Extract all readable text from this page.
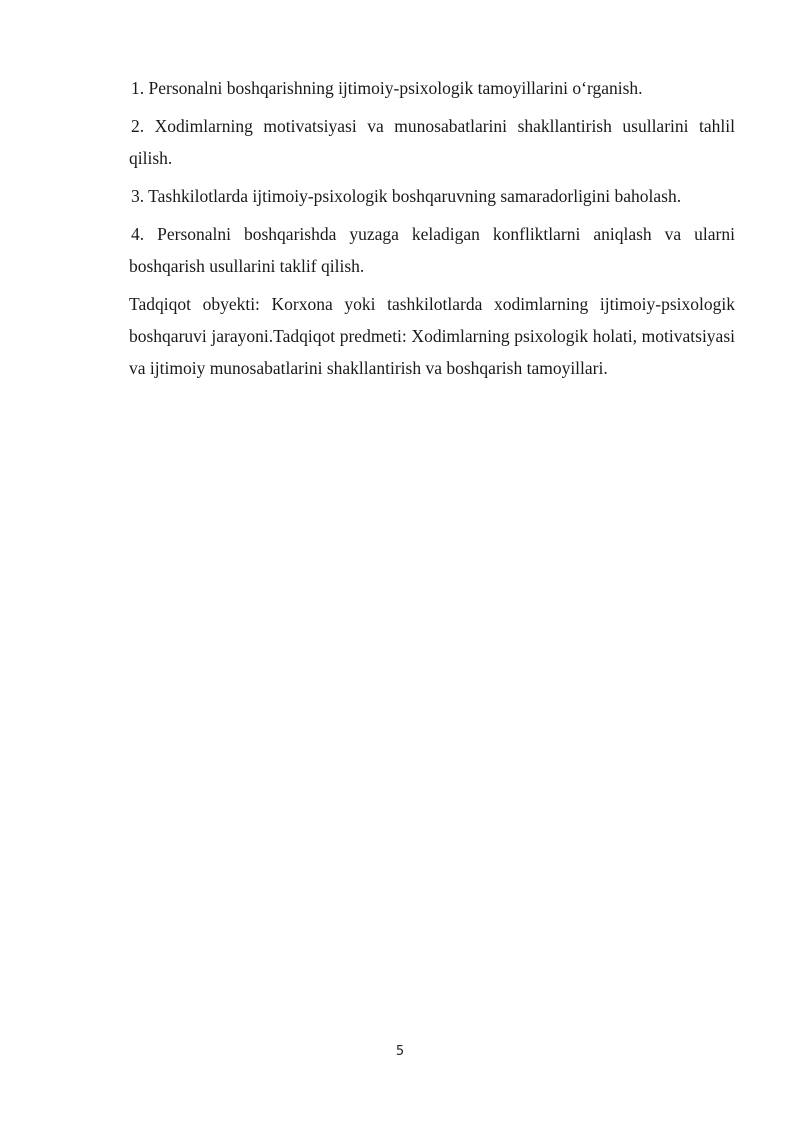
1. Personalni boshqarishning ijtimoiy-psixologik tamoyillarini o‘rganish.

2. Xodimlarning motivatsiyasi va munosabatlarini shakllantirish usullarini tahlil qilish.

3. Tashkilotlarda ijtimoiy-psixologik boshqaruvning samaradorligini baholash.

4. Personalni boshqarishda yuzaga keladigan konfliktlarni aniqlash va ularni boshqarish usullarini taklif qilish.

Tadqiqot obyekti: Korxona yoki tashkilotlarda xodimlarning ijtimoiy-psixologik boshqaruvi jarayoni.Tadqiqot predmeti: Xodimlarning psixologik holati, motivatsiyasi va ijtimoiy munosabatlarini shakllantirish va boshqarish tamoyillari.

5
